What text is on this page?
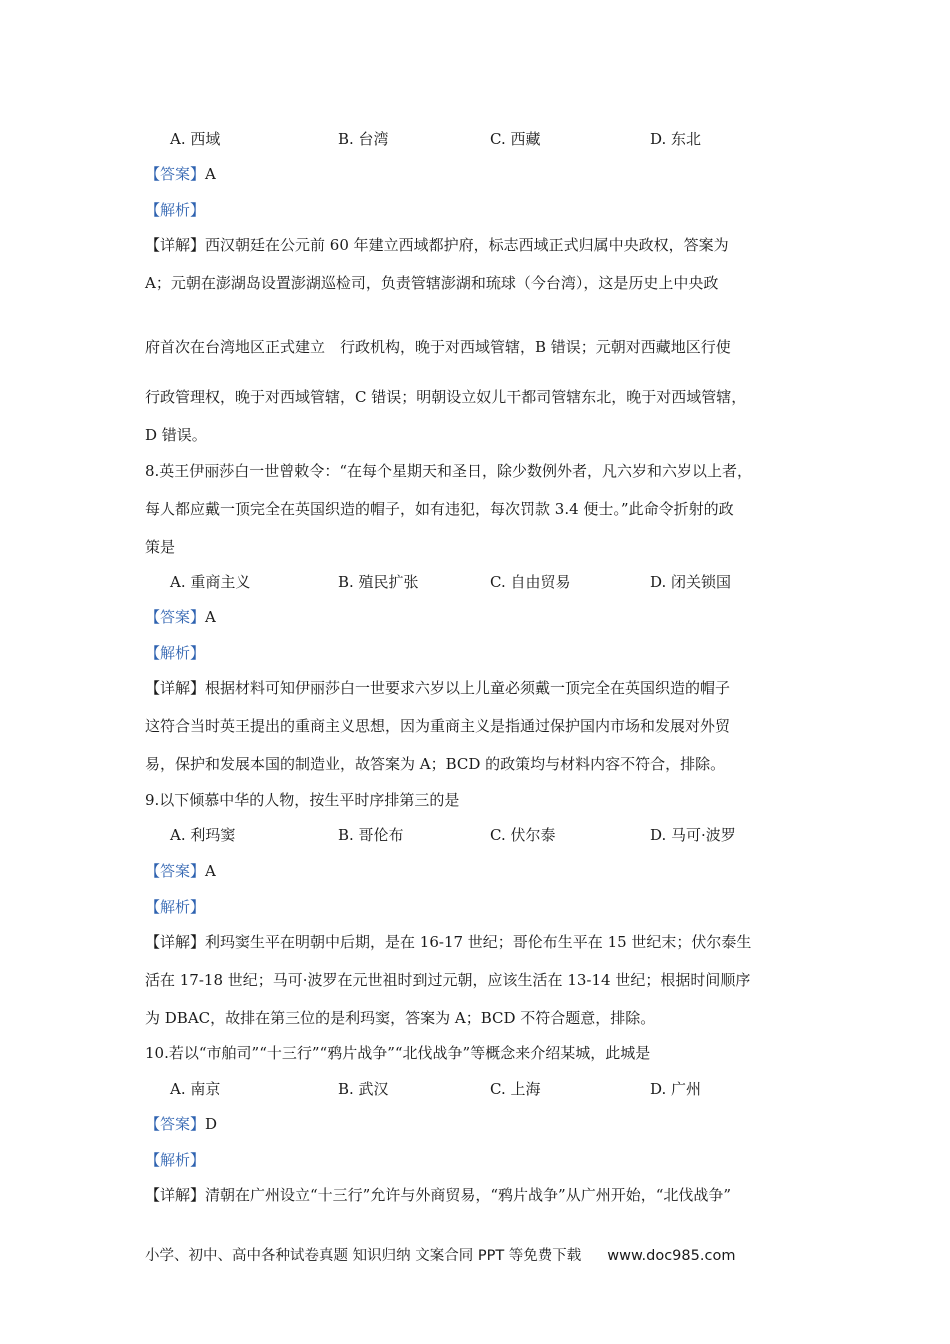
A. 西域	B. 台湾	C. 西藏	D. 东北
【答案】A
【解析】
【详解】西汉朝廷在公元前 60 年建立西域都护府，标志西域正式归属中央政权，答案为
A；元朝在澎湖岛设置澎湖巡检司，负责管辖澎湖和琉球（今台湾），这是历史上中央政
府首次在台湾地区正式建立　行政机构，晚于对西域管辖，B 错误；元朝对西藏地区行使
行政管理权，晚于对西域管辖，C 错误；明朝设立奴儿干都司管辖东北，晚于对西域管辖，
D 错误。
8.英王伊丽莎白一世曾敕令：“在每个星期天和圣日，除少数例外者，凡六岁和六岁以上者，
每人都应戴一顶完全在英国织造的帽子，如有违犯，每次罚款 3.4 便士。”此命令折射的政
策是
A. 重商主义	B. 殖民扩张	C. 自由贸易	D. 闭关锁国
【答案】A
【解析】
【详解】根据材料可知伊丽莎白一世要求六岁以上儿童必须戴一顶完全在英国织造的帽子
这符合当时英王提出的重商主义思想，因为重商主义是指通过保护国内市场和发展对外贸
易，保护和发展本国的制造业，故答案为 A；BCD 的政策均与材料内容不符合，排除。
9.以下倾慕中华的人物，按生平时序排第三的是
A. 利玛窦	B. 哥伦布	C. 伏尔泰	D. 马可·波罗
【答案】A
【解析】
【详解】利玛窦生平在明朝中后期，是在 16-17 世纪；哥伦布生平在 15 世纪末；伏尔泰生
活在 17-18 世纪；马可·波罗在元世祖时到过元朝，应该生活在 13-14 世纪；根据时间顺序
为 DBAC，故排在第三位的是利玛窦，答案为 A；BCD 不符合题意，排除。
10.若以“市舶司”“十三行”“鸦片战争”“北伐战争”等概念来介绍某城，此城是
A. 南京	B. 武汉	C. 上海	D. 广州
【答案】D
【解析】
【详解】清朝在广州设立“十三行”允许与外商贸易，“鸦片战争”从广州开始，“北伐战争”
小学、初中、高中各种试卷真题 知识归纳 文案合同 PPT 等免费下载 www.doc985.com
